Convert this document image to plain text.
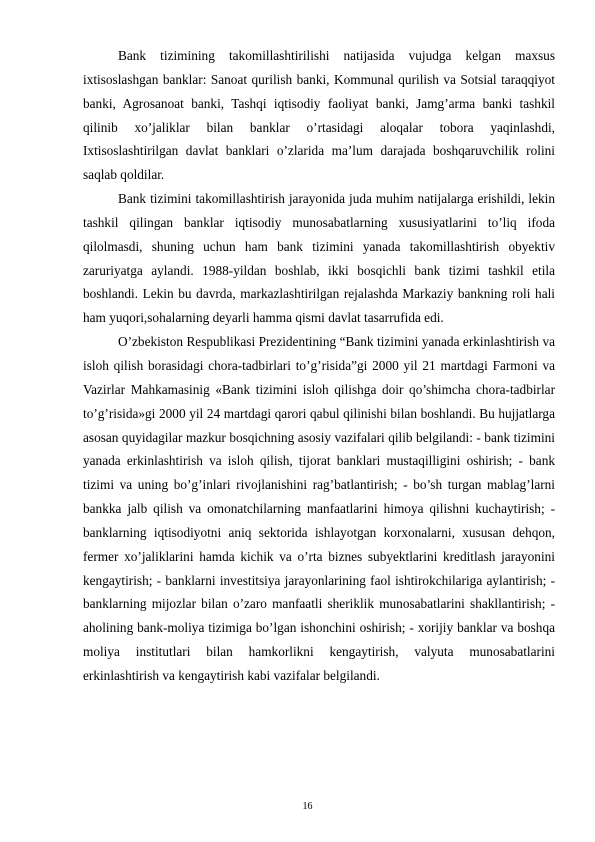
Bank tizimining takomillashtirilishi natijasida vujudga kelgan maxsus ixtisoslashgan banklar: Sanoat qurilish banki, Kommunal qurilish va Sotsial taraqqiyot banki, Agrosanoat banki, Tashqi iqtisodiy faoliyat banki, Jamg’arma banki tashkil qilinib xo’jaliklar bilan banklar o’rtasidagi aloqalar tobora yaqinlashdi, Ixtisoslashtirilgan davlat banklari o’zlarida ma’lum darajada boshqaruvchilik rolini saqlab qoldilar.

Bank tizimini takomillashtirish jarayonida juda muhim natijalarga erishildi, lekin tashkil qilingan banklar iqtisodiy munosabatlarning xususiyatlarini to’liq ifoda qilolmasdi, shuning uchun ham bank tizimini yanada takomillashtirish obyektiv zaruriyatga aylandi. 1988-yildan boshlab, ikki bosqichli bank tizimi tashkil etila boshlandi. Lekin bu davrda, markazlashtirilgan rejalashda Markaziy bankning roli hali ham yuqori,sohalarning deyarli hamma qismi davlat tasarrufida edi.

O’zbekiston Respublikasi Prezidentining “Bank tizimini yanada erkinlashtirish va isloh qilish borasidagi chora-tadbirlari to’g’risida”gi 2000 yil 21 martdagi Farmoni va Vazirlar Mahkamasinig «Bank tizimini isloh qilishga doir qo’shimcha chora-tadbirlar to’g’risida»gi 2000 yil 24 martdagi qarori qabul qilinishi bilan boshlandi. Bu hujjatlarga asosan quyidagilar mazkur bosqichning asosiy vazifalari qilib belgilandi: - bank tizimini yanada erkinlashtirish va isloh qilish, tijorat banklari mustaqilligini oshirish; - bank tizimi va uning bo’g’inlari rivojlanishini rag’batlantirish; - bo’sh turgan mablag’larni bankka jalb qilish va omonatchilarning manfaatlarini himoya qilishni kuchaytirish; - banklarning iqtisodiyotni aniq sektorida ishlayotgan korxonalarni, xususan dehqon, fermer xo’jaliklarini hamda kichik va o’rta biznes subyektlarini kreditlash jarayonini kengaytirish; - banklarni investitsiya jarayonlarining faol ishtirokchilariga aylantirish; - banklarning mijozlar bilan o’zaro manfaatli sheriklik munosabatlarini shakllantirish; - aholining bank-moliya tizimiga bo’lgan ishonchini oshirish; - xorijiy banklar va boshqa moliya institutlari bilan hamkorlikni kengaytirish, valyuta munosabatlarini erkinlashtirish va kengaytirish kabi vazifalar belgilandi.

16
